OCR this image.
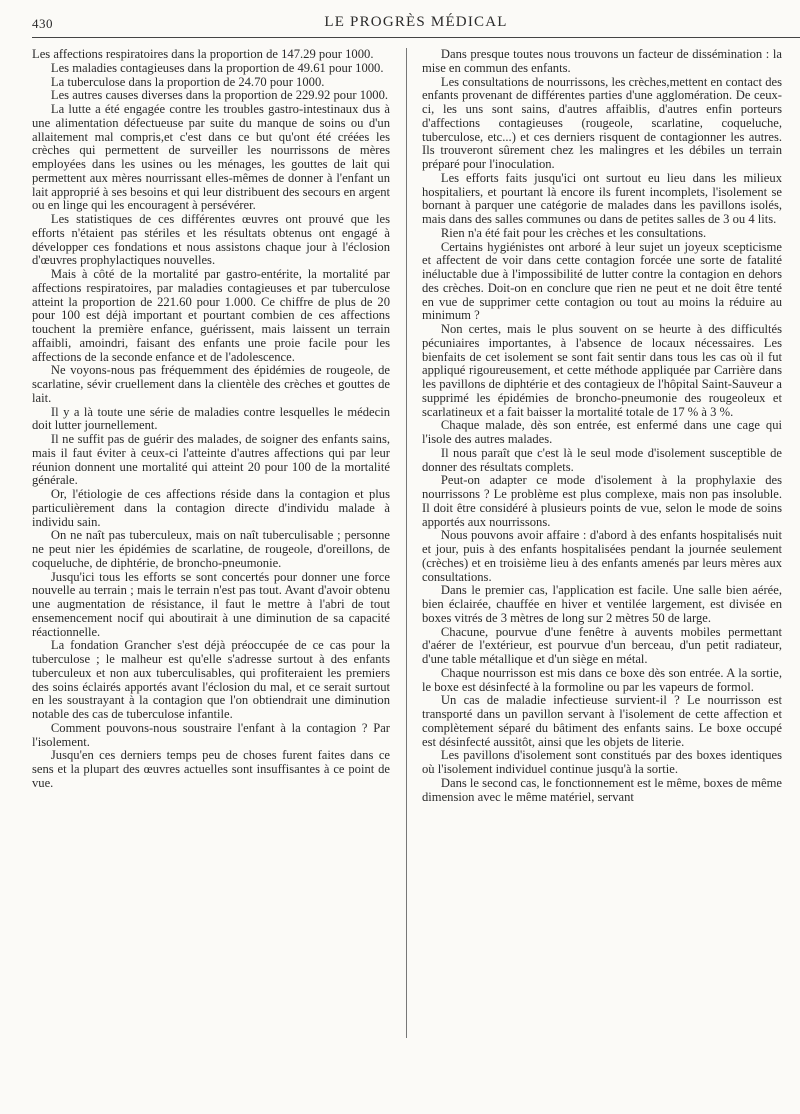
430	LE PROGRÈS MÉDICAL

Les affections respiratoires dans la proportion de 147.29 pour 1000.

Les maladies contagieuses dans la proportion de 49.61 pour 1000.

La tuberculose dans la proportion de 24.70 pour 1000.

Les autres causes diverses dans la proportion de 229.92 pour 1000.

La lutte a été engagée contre les troubles gastro-intestinaux dus à une alimentation défectueuse par suite du manque de soins ou d'un allaitement mal compris,et c'est dans ce but qu'ont été créées les crèches qui permettent de surveiller les nourrissons de mères employées dans les usines ou les ménages, les gouttes de lait qui permettent aux mères nourrissant elles-mêmes de donner à l'enfant un lait approprié à ses besoins et qui leur distribuent des secours en argent ou en linge qui les encouragent à persévérer.

Les statistiques de ces différentes œuvres ont prouvé que les efforts n'étaient pas stériles et les résultats obtenus ont engagé à développer ces fondations et nous assistons chaque jour à l'éclosion d'œuvres prophylactiques nouvelles.

Mais à côté de la mortalité par gastro-entérite, la mortalité par affections respiratoires, par maladies contagieuses et par tuberculose atteint la proportion de 221.60 pour 1.000. Ce chiffre de plus de 20 pour 100 est déjà important et pourtant combien de ces affections touchent la première enfance, guérissent, mais laissent un terrain affaibli, amoindri, faisant des enfants une proie facile pour les affections de la seconde enfance et de l'adolescence.

Ne voyons-nous pas fréquemment des épidémies de rougeole, de scarlatine, sévir cruellement dans la clientèle des crèches et gouttes de lait.

Il y a là toute une série de maladies contre lesquelles le médecin doit lutter journellement.

Il ne suffit pas de guérir des malades, de soigner des enfants sains, mais il faut éviter à ceux-ci l'atteinte d'autres affections qui par leur réunion donnent une mortalité qui atteint 20 pour 100 de la mortalité générale.

Or, l'étiologie de ces affections réside dans la contagion et plus particulièrement dans la contagion directe d'individu malade à individu sain.

On ne naît pas tuberculeux, mais on naît tuberculisable ; personne ne peut nier les épidémies de scarlatine, de rougeole, d'oreillons, de coqueluche, de diphtérie, de broncho-pneumonie.

Jusqu'ici tous les efforts se sont concertés pour donner une force nouvelle au terrain ; mais le terrain n'est pas tout. Avant d'avoir obtenu une augmentation de résistance, il faut le mettre à l'abri de tout ensemencement nocif qui aboutirait à une diminution de sa capacité réactionnelle.

La fondation Grancher s'est déjà préoccupée de ce cas pour la tuberculose ; le malheur est qu'elle s'adresse surtout à des enfants tuberculeux et non aux tuberculisables, qui profiteraient les premiers des soins éclairés apportés avant l'éclosion du mal, et ce serait surtout en les soustrayant à la contagion que l'on obtiendrait une diminution notable des cas de tuberculose infantile.

Comment pouvons-nous soustraire l'enfant à la contagion ? Par l'isolement.

Jusqu'en ces derniers temps peu de choses furent faites dans ce sens et la plupart des œuvres actuelles sont insuffisantes à ce point de vue.

Dans presque toutes nous trouvons un facteur de dissémination : la mise en commun des enfants.

Les consultations de nourrissons, les crèches,mettent en contact des enfants provenant de différentes parties d'une agglomération. De ceux-ci, les uns sont sains, d'autres affaiblis, d'autres enfin porteurs d'affections contagieuses (rougeole, scarlatine, coqueluche, tuberculose, etc...) et ces derniers risquent de contagionner les autres. Ils trouveront sûrement chez les malingres et les débiles un terrain préparé pour l'inoculation.

Les efforts faits jusqu'ici ont surtout eu lieu dans les milieux hospitaliers, et pourtant là encore ils furent incomplets, l'isolement se bornant à parquer une catégorie de malades dans les pavillons isolés, mais dans des salles communes ou dans de petites salles de 3 ou 4 lits.

Rien n'a été fait pour les crèches et les consultations.

Certains hygiénistes ont arboré à leur sujet un joyeux scepticisme et affectent de voir dans cette contagion forcée une sorte de fatalité inéluctable due à l'impossibilité de lutter contre la contagion en dehors des crèches. Doit-on en conclure que rien ne peut et ne doit être tenté en vue de supprimer cette contagion ou tout au moins la réduire au minimum ?

Non certes, mais le plus souvent on se heurte à des difficultés pécuniaires importantes, à l'absence de locaux nécessaires. Les bienfaits de cet isolement se sont fait sentir dans tous les cas où il fut appliqué rigoureusement, et cette méthode appliquée par Carrière dans les pavillons de diphtérie et des contagieux de l'hôpital Saint-Sauveur a supprimé les épidémies de broncho-pneumonie des rougeoleux et scarlatineux et a fait baisser la mortalité totale de 17 % à 3 %.

Chaque malade, dès son entrée, est enfermé dans une cage qui l'isole des autres malades.

Il nous paraît que c'est là le seul mode d'isolement susceptible de donner des résultats complets.

Peut-on adapter ce mode d'isolement à la prophylaxie des nourrissons ? Le problème est plus complexe, mais non pas insoluble. Il doit être considéré à plusieurs points de vue, selon le mode de soins apportés aux nourrissons.

Nous pouvons avoir affaire : d'abord à des enfants hospitalisés nuit et jour, puis à des enfants hospitalisées pendant la journée seulement (crèches) et en troisième lieu à des enfants amenés par leurs mères aux consultations.

Dans le premier cas, l'application est facile. Une salle bien aérée, bien éclairée, chauffée en hiver et ventilée largement, est divisée en boxes vitrés de 3 mètres de long sur 2 mètres 50 de large.

Chacune, pourvue d'une fenêtre à auvents mobiles permettant d'aérer de l'extérieur, est pourvue d'un berceau, d'un petit radiateur, d'une table métallique et d'un siège en métal.

Chaque nourrisson est mis dans ce boxe dès son entrée. A la sortie, le boxe est désinfecté à la formoline ou par les vapeurs de formol.

Un cas de maladie infectieuse survient-il ? Le nourrisson est transporté dans un pavillon servant à l'isolement de cette affection et complètement séparé du bâtiment des enfants sains. Le boxe occupé est désinfecté aussitôt, ainsi que les objets de literie.

Les pavillons d'isolement sont constitués par des boxes identiques où l'isolement individuel continue jusqu'à la sortie.

Dans le second cas, le fonctionnement est le même, boxes de même dimension avec le même matériel, servant
